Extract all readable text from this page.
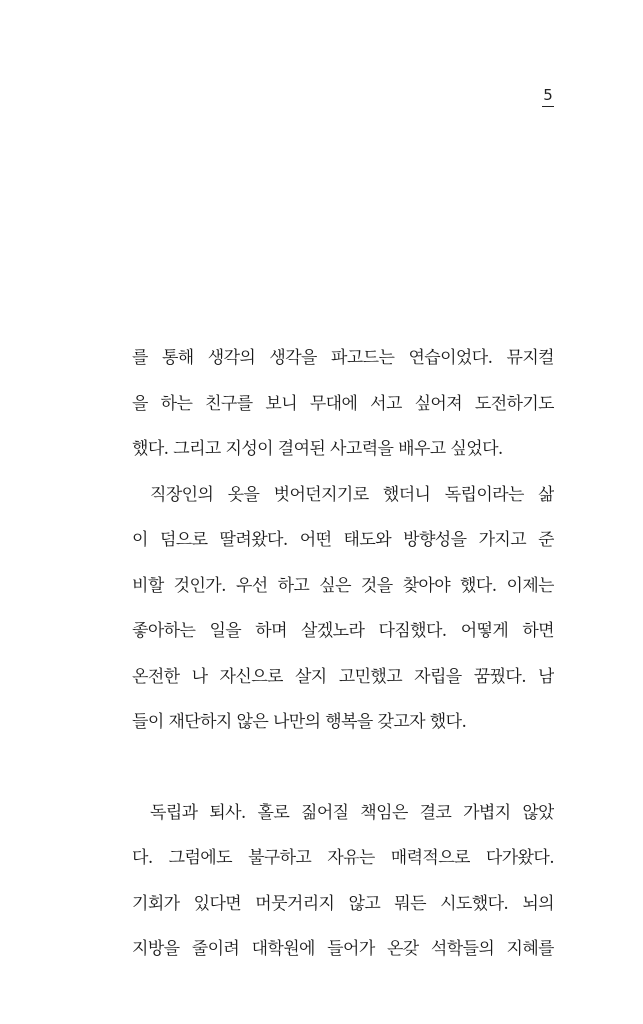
5
를 통해 생각의 생각을 파고드는 연습이었다. 뮤지컬
을 하는 친구를 보니 무대에 서고 싶어져 도전하기도
했다. 그리고 지성이 결여된 사고력을 배우고 싶었다.
직장인의 옷을 벗어던지기로 했더니 독립이라는 삶
이 덤으로 딸려왔다. 어떤 태도와 방향성을 가지고 준
비할 것인가. 우선 하고 싶은 것을 찾아야 했다. 이제는
좋아하는 일을 하며 살겠노라 다짐했다. 어떻게 하면
온전한 나 자신으로 살지 고민했고 자립을 꿈꿨다. 남
들이 재단하지 않은 나만의 행복을 갖고자 했다.
독립과 퇴사. 홀로 짊어질 책임은 결코 가볍지 않았
다. 그럼에도 불구하고 자유는 매력적으로 다가왔다.
기회가 있다면 머뭇거리지 않고 뭐든 시도했다. 뇌의
지방을 줄이려 대학원에 들어가 온갖 석학들의 지혜를
